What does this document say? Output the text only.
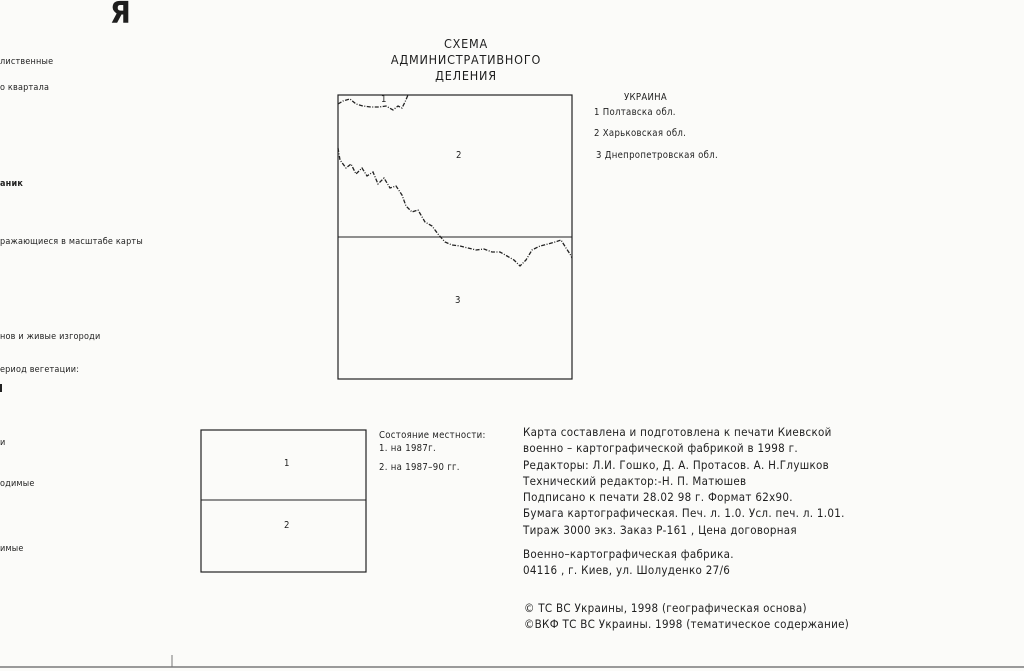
Я
лиственные
о квартала
аник
ражающиеся в масштабе карты
нов и живые изгороди
ериод вегетации:
и
одимые
имые
СХЕМА
АДМИНИСТРАТИВНОГО
ДЕЛЕНИЯ
1
2
3
УКРАИНА
1 Полтавска обл.
2 Харьковская обл.
3 Днепропетровская обл.
1
2
Состояние местности:
1. на 1987г.
2. на 1987–90 гг.
Карта составлена и подготовлена к печати Киевской
военно – картографической фабрикой в 1998 г.
Редакторы: Л.И. Гошко, Д. А. Протасов. А. Н.Глушков
Технический редактор:-Н. П. Матюшев
Подписано к печати 28.02 98 г. Формат 62x90.
Бумага картографическая. Печ. л. 1.0. Усл. печ. л. 1.01.
Тираж 3000 экз. Заказ Р-161 , Цена договорная
Военно–картографическая фабрика.
04116 , г. Киев, ул. Шолуденко 27/6
© ТС ВС Украины, 1998 (географическая основа)
©ВКФ ТС ВС Украины. 1998 (тематическое содержание)
